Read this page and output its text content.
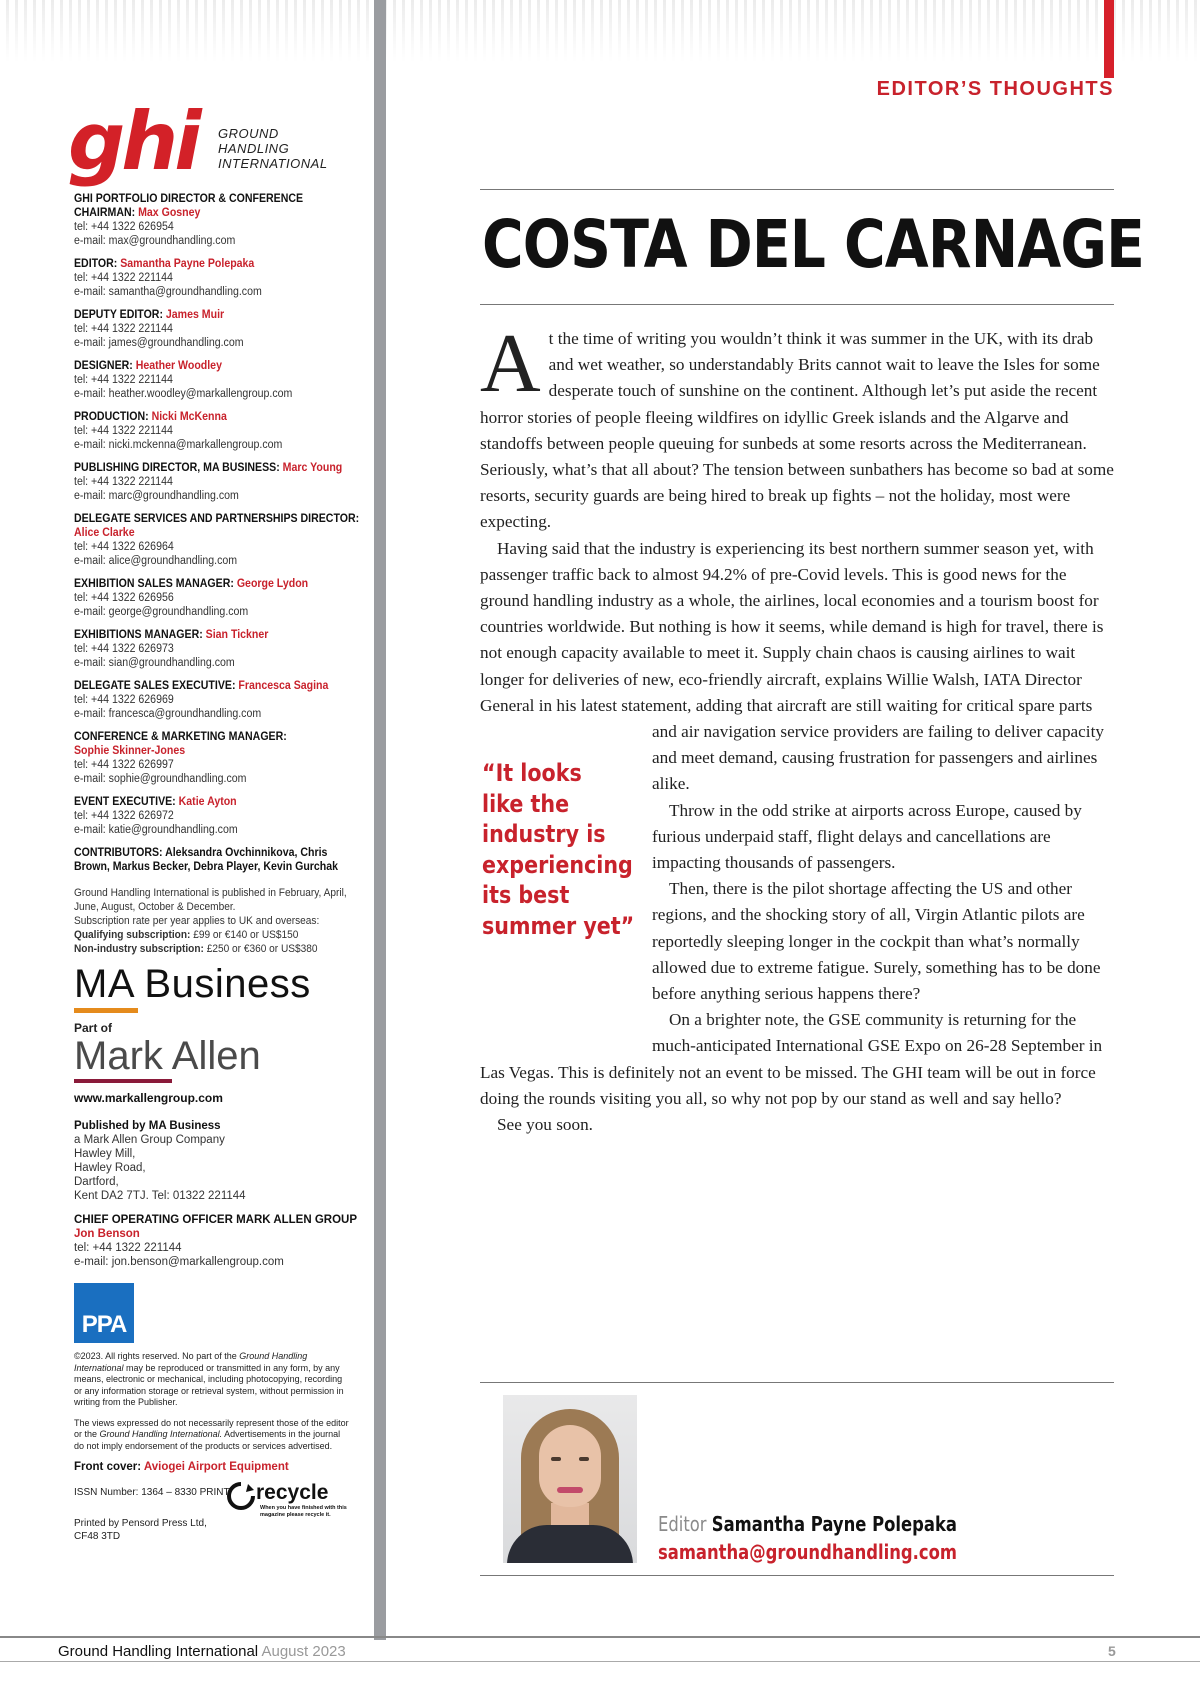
EDITOR’S THOUGHTS
ghi GROUND
HANDLING
INTERNATIONAL
GHI PORTFOLIO DIRECTOR & CONFERENCE CHAIRMAN: Max Gosney
tel: +44 1322 626954
e-mail: max@groundhandling.com
EDITOR: Samantha Payne Polepaka
tel: +44 1322 221144
e-mail: samantha@groundhandling.com
DEPUTY EDITOR: James Muir
tel: +44 1322 221144
e-mail: james@groundhandling.com
DESIGNER: Heather Woodley
tel: +44 1322 221144
e-mail: heather.woodley@markallengroup.com
PRODUCTION: Nicki McKenna
tel: +44 1322 221144
e-mail: nicki.mckenna@markallengroup.com
PUBLISHING DIRECTOR, MA BUSINESS: Marc Young
tel: +44 1322 221144
e-mail: marc@groundhandling.com
DELEGATE SERVICES AND PARTNERSHIPS DIRECTOR: Alice Clarke
tel: +44 1322 626964
e-mail: alice@groundhandling.com
EXHIBITION SALES MANAGER: George Lydon
tel: +44 1322 626956
e-mail: george@groundhandling.com
EXHIBITIONS MANAGER: Sian Tickner
tel: +44 1322 626973
e-mail: sian@groundhandling.com
DELEGATE SALES EXECUTIVE: Francesca Sagina
tel: +44 1322 626969
e-mail: francesca@groundhandling.com
CONFERENCE & MARKETING MANAGER:
Sophie Skinner-Jones
tel: +44 1322 626997
e-mail: sophie@groundhandling.com
EVENT EXECUTIVE: Katie Ayton
tel: +44 1322 626972
e-mail: katie@groundhandling.com
CONTRIBUTORS: Aleksandra Ovchinnikova, Chris Brown, Markus Becker, Debra Player, Kevin Gurchak
Ground Handling International is published in February, April, June, August, October & December.
Subscription rate per year applies to UK and overseas:
Qualifying subscription: £99 or €140 or US$150
Non-industry subscription: £250 or €360 or US$380
MA Business
Part of
Mark Allen
www.markallengroup.com
Published by MA Business
a Mark Allen Group Company
Hawley Mill,
Hawley Road,
Dartford,
Kent DA2 7TJ. Tel: 01322 221144
CHIEF OPERATING OFFICER MARK ALLEN GROUP
Jon Benson
tel: +44 1322 221144
e-mail: jon.benson@markallengroup.com
PPA
©2023. All rights reserved. No part of the Ground Handling International may be reproduced or transmitted in any form, by any means, electronic or mechanical, including photocopying, recording or any information storage or retrieval system, without permission in writing from the Publisher.
The views expressed do not necessarily represent those of the editor or the Ground Handling International. Advertisements in the journal do not imply endorsement of the products or services advertised.
Front cover: Aviogei Airport Equipment
ISSN Number: 1364 – 8330 PRINT	recycle
When you have finished with this magazine please recycle it.
Printed by Pensord Press Ltd,
CF48 3TD
COSTA DEL CARNAGE

At the time of writing you wouldn’t think it was summer in the UK, with its drab and wet weather, so understandably Brits cannot wait to leave the Isles for some desperate touch of sunshine on the continent. Although let’s put aside the recent horror stories of people fleeing wildfires on idyllic Greek islands and the Algarve and standoffs between people queuing for sunbeds at some resorts across the Mediterranean. Seriously, what’s that all about? The tension between sunbathers has become so bad at some resorts, security guards are being hired to break up fights – not the holiday, most were expecting.

Having said that the industry is experiencing its best northern summer season yet, with passenger traffic back to almost 94.2% of pre-Covid levels. This is good news for the ground handling industry as a whole, the airlines, local economies and a tourism boost for countries worldwide. But nothing is how it seems, while demand is high for travel, there is not enough capacity available to meet it. Supply chain chaos is causing airlines to wait longer for deliveries of new, eco-friendly aircraft, explains Willie Walsh, IATA Director General in his latest statement, adding that aircraft are still waiting for critical spare parts and air navigation service providers are failing to deliver capacity and meet demand, causing frustration for passengers and airlines alike.

Throw in the odd strike at airports across Europe, caused by furious underpaid staff, flight delays and cancellations are impacting thousands of passengers.

Then, there is the pilot shortage affecting the US and other regions, and the shocking story of all, Virgin Atlantic pilots are reportedly sleeping longer in the cockpit than what’s normally allowed due to extreme fatigue. Surely, something has to be done before anything serious happens there?

On a brighter note, the GSE community is returning for the much-anticipated International GSE Expo on 26-28 September in Las Vegas. This is definitely not an event to be missed. The GHI team will be out in force doing the rounds visiting you all, so why not pop by our stand as well and say hello?

See you soon.

“It looks
like the
industry is
experiencing
its best
summer yet”
Editor Samantha Payne Polepaka
samantha@groundhandling.com
Ground Handling International August 2023	5
